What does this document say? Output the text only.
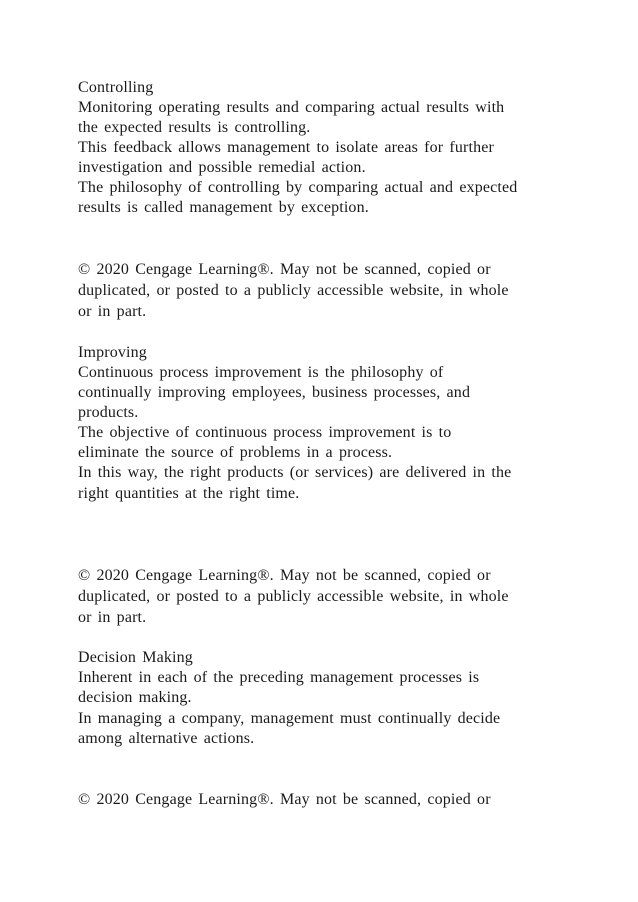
Controlling
Monitoring operating results and comparing actual results with
the expected results is controlling.
This feedback allows management to isolate areas for further
investigation and possible remedial action.
The philosophy of controlling by comparing actual and expected
results is called management by exception.
© 2020 Cengage Learning®. May not be scanned, copied or
duplicated, or posted to a publicly accessible website, in whole
or in part.
Improving
Continuous process improvement is the philosophy of
continually improving employees, business processes, and
products.
The objective of continuous process improvement is to
eliminate the source of problems in a process.
In this way, the right products (or services) are delivered in the
right quantities at the right time.
© 2020 Cengage Learning®. May not be scanned, copied or
duplicated, or posted to a publicly accessible website, in whole
or in part.
Decision Making
Inherent in each of the preceding management processes is
decision making.
In managing a company, management must continually decide
among alternative actions.
© 2020 Cengage Learning®. May not be scanned, copied or
